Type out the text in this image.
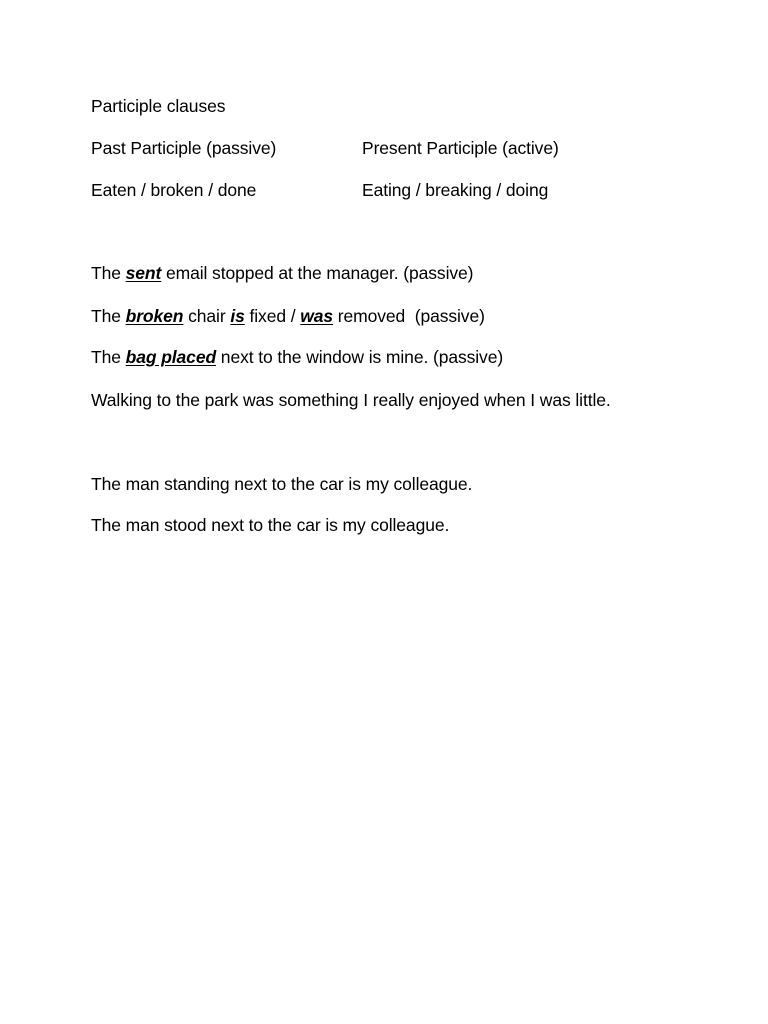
Participle clauses
Past Participle (passive)	Present Participle (active)
Eaten / broken / done	Eating / breaking / doing
The sent email stopped at the manager. (passive)
The broken chair is fixed / was removed  (passive)
The bag placed next to the window is mine. (passive)
Walking to the park was something I really enjoyed when I was little.
The man standing next to the car is my colleague.
The man stood next to the car is my colleague.
